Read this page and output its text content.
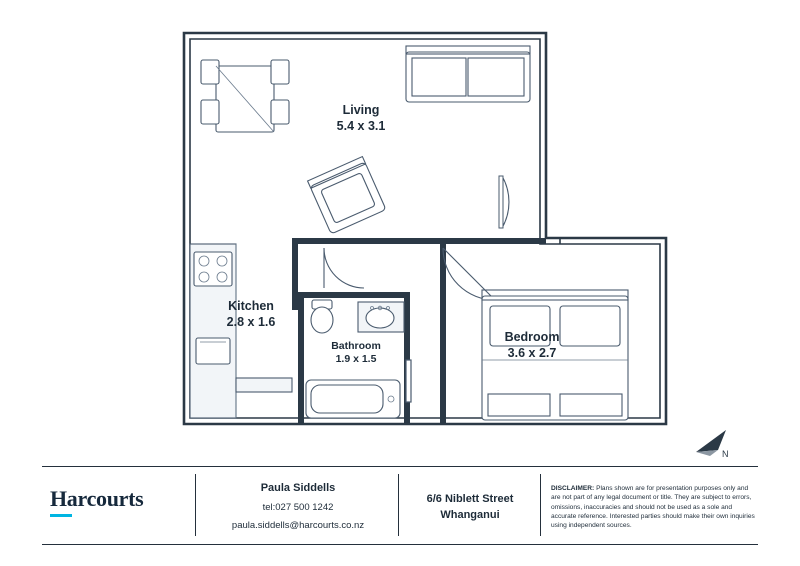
Living
5.4 x 3.1
Kitchen
2.8 x 1.6
Bathroom
1.9 x 1.5
Bedroom
3.6 x 2.7
N
Harcourts	Paula Siddells
tel:027 500 1242
paula.siddells@harcourts.co.nz
6/6 Niblett Street
Whanganui
DISCLAIMER: Plans shown are for presentation purposes only and are not part of any legal document or title. They are subject to errors, omissions, inaccuracies and should not be used as a sole and accurate reference. Interested parties should make their own inquiries using independent sources.
